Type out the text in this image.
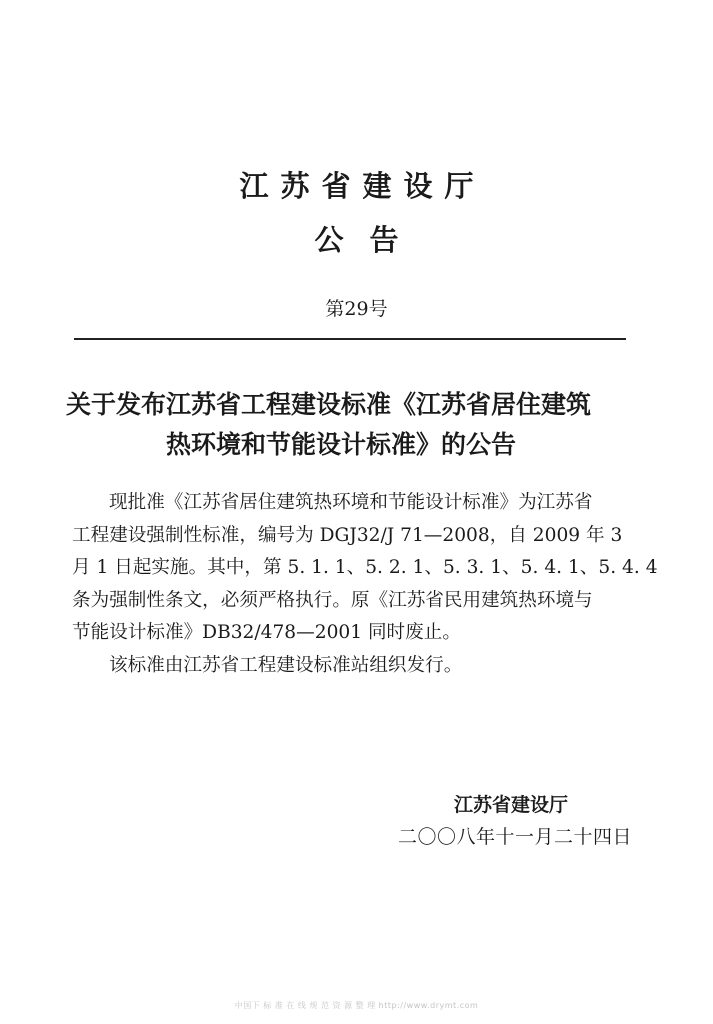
江苏省建设厅
公告
第29号
关于发布江苏省工程建设标准《江苏省居住建筑
热环境和节能设计标准》的公告

现批准《江苏省居住建筑热环境和节能设计标准》为江苏省
工程建设强制性标准，编号为 DGJ32/J 71—2008，自 2009 年 3
月 1 日起实施。其中，第 5. 1. 1、5. 2. 1、5. 3. 1、5. 4. 1、5. 4. 4
条为强制性条文，必须严格执行。原《江苏省民用建筑热环境与
节能设计标准》DB32/478—2001 同时废止。

该标准由江苏省工程建设标准站组织发行。

江苏省建设厅
二〇〇八年十一月二十四日
中国下 标 准 在 线 规 范 资 源 整 理 http://www.drymt.com
